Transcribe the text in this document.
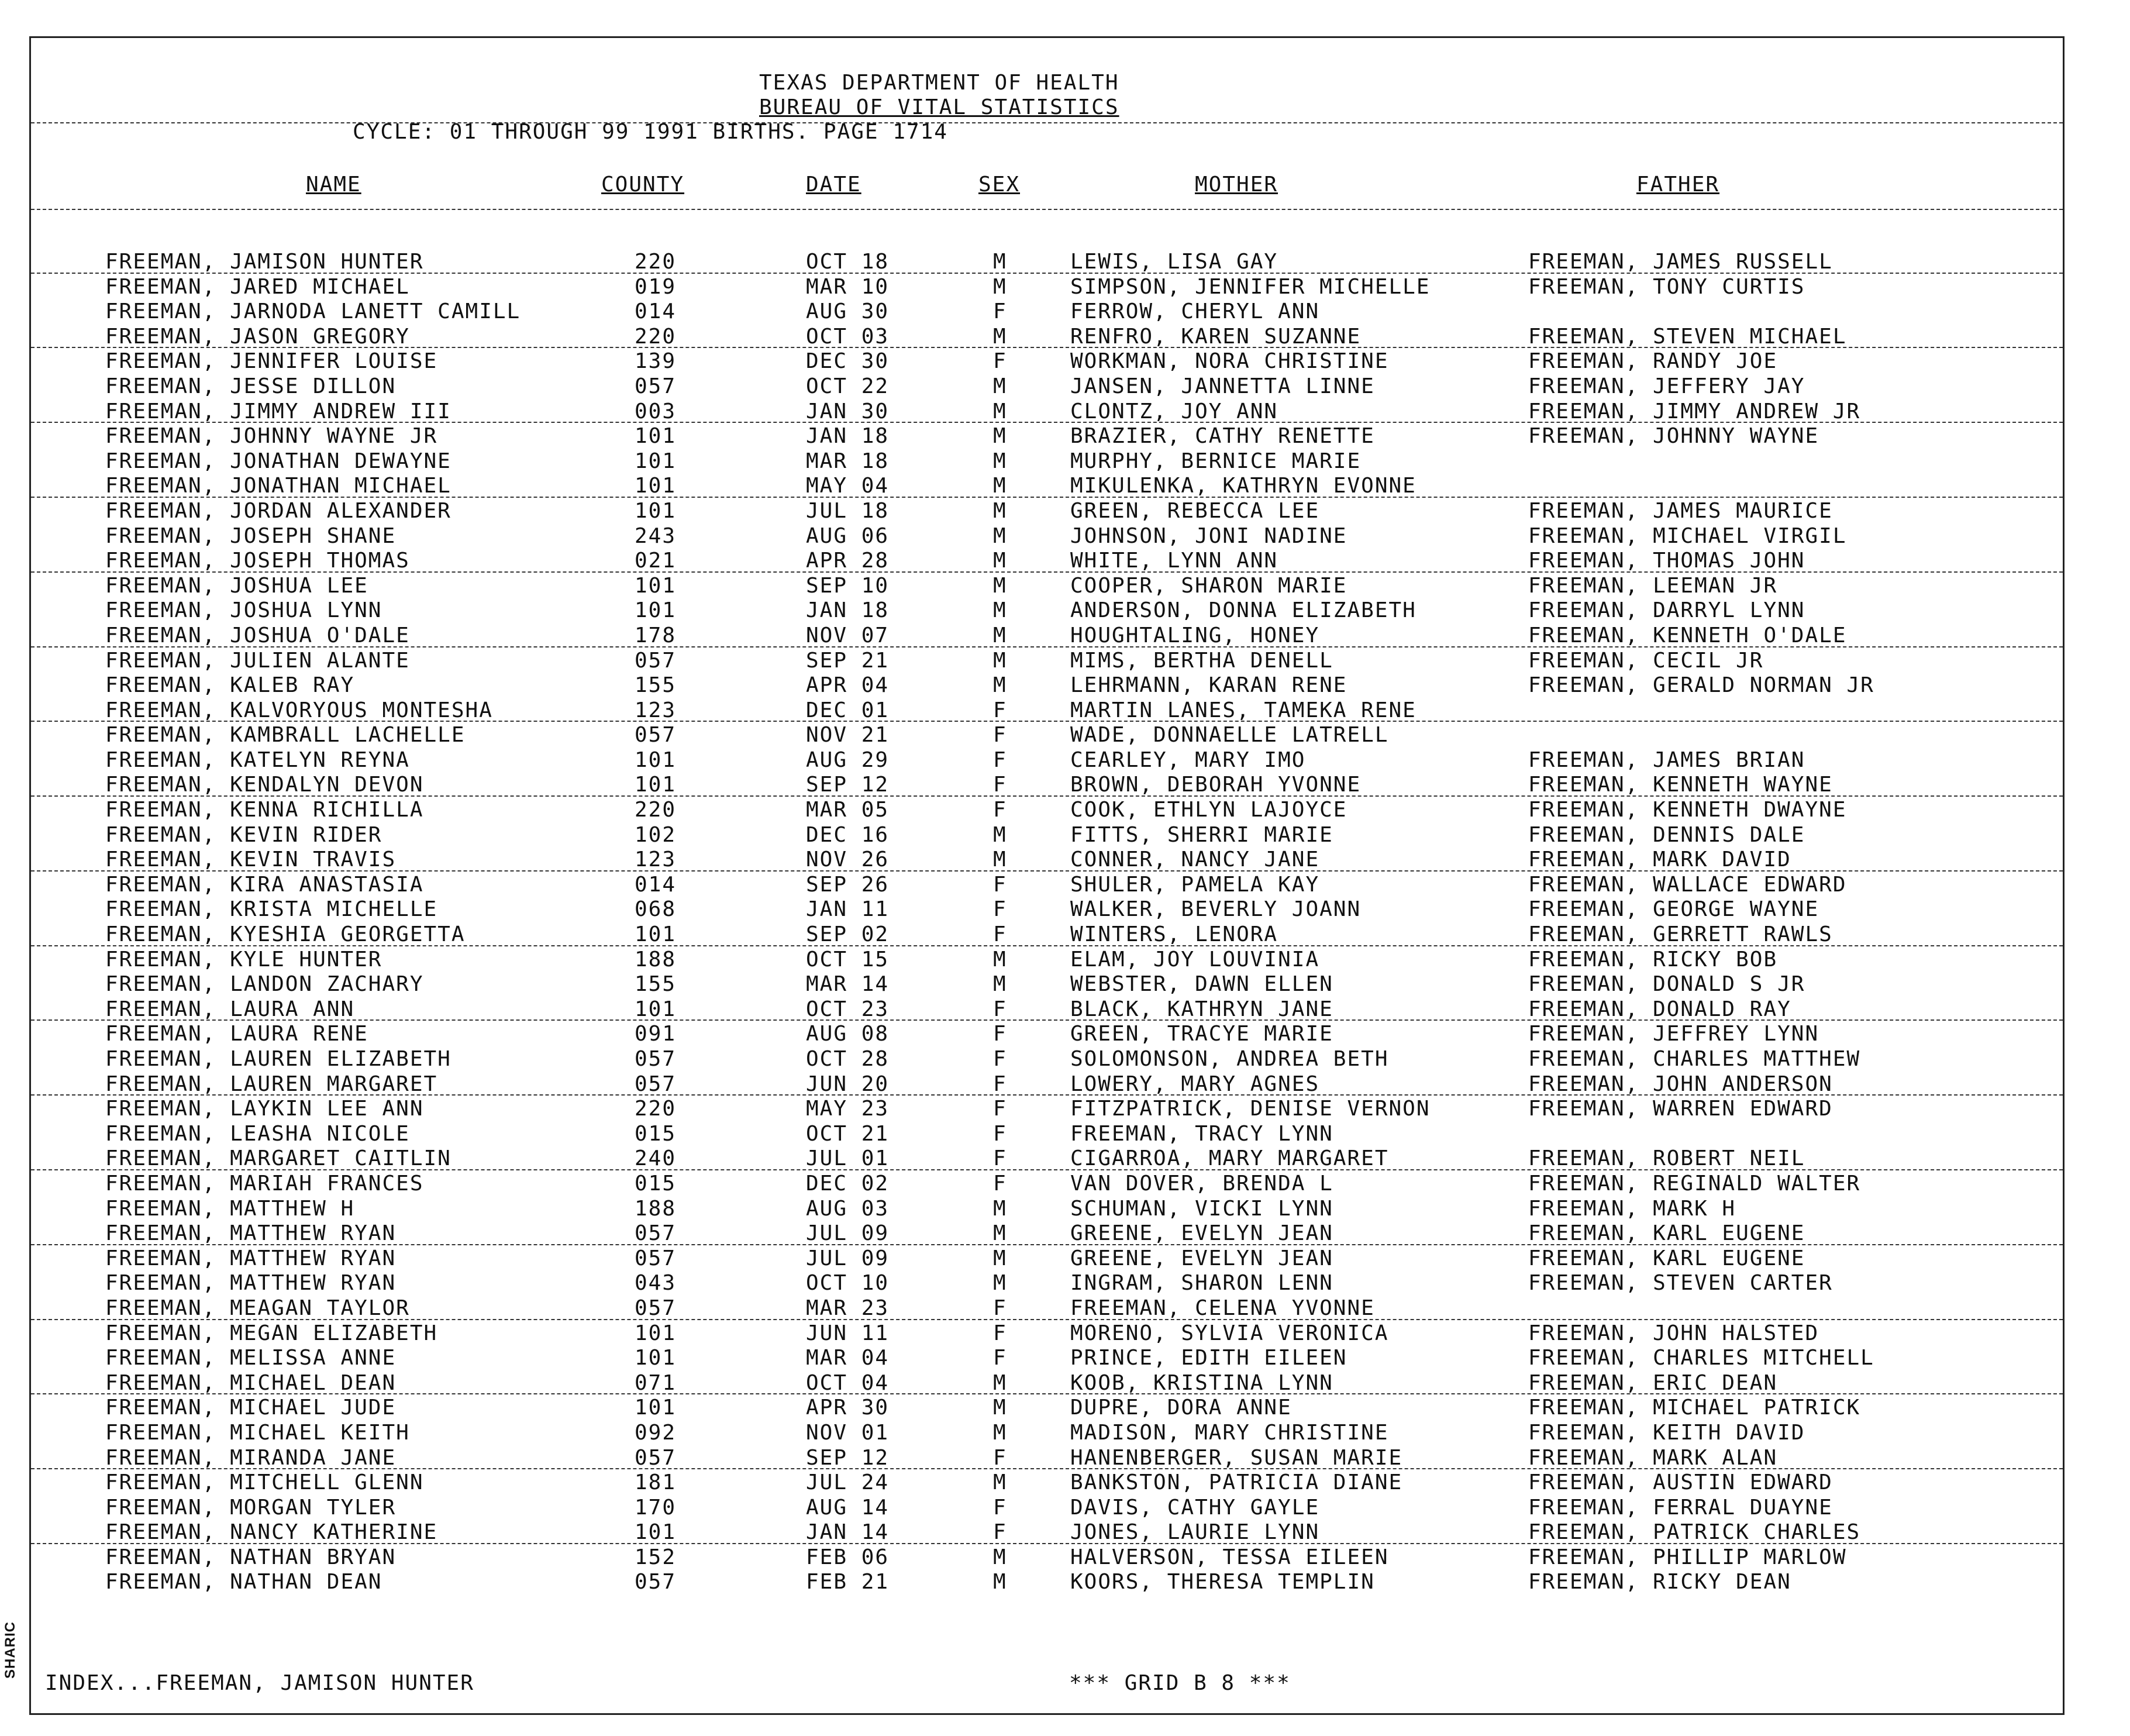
SHARIC
TEXAS DEPARTMENT OF HEALTH
BUREAU OF VITAL STATISTICS
CYCLE: 01 THROUGH 99 1991 BIRTHS. PAGE 1714
NAME	COUNTY	DATE	SEX	MOTHER	FATHER
FREEMAN, JAMISON HUNTER	220	OCT 18	M	LEWIS, LISA GAY	FREEMAN, JAMES RUSSELL
FREEMAN, JARED MICHAEL	019	MAR 10	M	SIMPSON, JENNIFER MICHELLE	FREEMAN, TONY CURTIS
FREEMAN, JARNODA LANETT CAMILL	014	AUG 30	F	FERROW, CHERYL ANN
FREEMAN, JASON GREGORY	220	OCT 03	M	RENFRO, KAREN SUZANNE	FREEMAN, STEVEN MICHAEL
FREEMAN, JENNIFER LOUISE	139	DEC 30	F	WORKMAN, NORA CHRISTINE	FREEMAN, RANDY JOE
FREEMAN, JESSE DILLON	057	OCT 22	M	JANSEN, JANNETTA LINNE	FREEMAN, JEFFERY JAY
FREEMAN, JIMMY ANDREW III	003	JAN 30	M	CLONTZ, JOY ANN	FREEMAN, JIMMY ANDREW JR
FREEMAN, JOHNNY WAYNE JR	101	JAN 18	M	BRAZIER, CATHY RENETTE	FREEMAN, JOHNNY WAYNE
FREEMAN, JONATHAN DEWAYNE	101	MAR 18	M	MURPHY, BERNICE MARIE
FREEMAN, JONATHAN MICHAEL	101	MAY 04	M	MIKULENKA, KATHRYN EVONNE
FREEMAN, JORDAN ALEXANDER	101	JUL 18	M	GREEN, REBECCA LEE	FREEMAN, JAMES MAURICE
FREEMAN, JOSEPH SHANE	243	AUG 06	M	JOHNSON, JONI NADINE	FREEMAN, MICHAEL VIRGIL
FREEMAN, JOSEPH THOMAS	021	APR 28	M	WHITE, LYNN ANN	FREEMAN, THOMAS JOHN
FREEMAN, JOSHUA LEE	101	SEP 10	M	COOPER, SHARON MARIE	FREEMAN, LEEMAN JR
FREEMAN, JOSHUA LYNN	101	JAN 18	M	ANDERSON, DONNA ELIZABETH	FREEMAN, DARRYL LYNN
FREEMAN, JOSHUA O'DALE	178	NOV 07	M	HOUGHTALING, HONEY	FREEMAN, KENNETH O'DALE
FREEMAN, JULIEN ALANTE	057	SEP 21	M	MIMS, BERTHA DENELL	FREEMAN, CECIL JR
FREEMAN, KALEB RAY	155	APR 04	M	LEHRMANN, KARAN RENE	FREEMAN, GERALD NORMAN JR
FREEMAN, KALVORYOUS MONTESHA	123	DEC 01	F	MARTIN LANES, TAMEKA RENE
FREEMAN, KAMBRALL LACHELLE	057	NOV 21	F	WADE, DONNAELLE LATRELL
FREEMAN, KATELYN REYNA	101	AUG 29	F	CEARLEY, MARY IMO	FREEMAN, JAMES BRIAN
FREEMAN, KENDALYN DEVON	101	SEP 12	F	BROWN, DEBORAH YVONNE	FREEMAN, KENNETH WAYNE
FREEMAN, KENNA RICHILLA	220	MAR 05	F	COOK, ETHLYN LAJOYCE	FREEMAN, KENNETH DWAYNE
FREEMAN, KEVIN RIDER	102	DEC 16	M	FITTS, SHERRI MARIE	FREEMAN, DENNIS DALE
FREEMAN, KEVIN TRAVIS	123	NOV 26	M	CONNER, NANCY JANE	FREEMAN, MARK DAVID
FREEMAN, KIRA ANASTASIA	014	SEP 26	F	SHULER, PAMELA KAY	FREEMAN, WALLACE EDWARD
FREEMAN, KRISTA MICHELLE	068	JAN 11	F	WALKER, BEVERLY JOANN	FREEMAN, GEORGE WAYNE
FREEMAN, KYESHIA GEORGETTA	101	SEP 02	F	WINTERS, LENORA	FREEMAN, GERRETT RAWLS
FREEMAN, KYLE HUNTER	188	OCT 15	M	ELAM, JOY LOUVINIA	FREEMAN, RICKY BOB
FREEMAN, LANDON ZACHARY	155	MAR 14	M	WEBSTER, DAWN ELLEN	FREEMAN, DONALD S JR
FREEMAN, LAURA ANN	101	OCT 23	F	BLACK, KATHRYN JANE	FREEMAN, DONALD RAY
FREEMAN, LAURA RENE	091	AUG 08	F	GREEN, TRACYE MARIE	FREEMAN, JEFFREY LYNN
FREEMAN, LAUREN ELIZABETH	057	OCT 28	F	SOLOMONSON, ANDREA BETH	FREEMAN, CHARLES MATTHEW
FREEMAN, LAUREN MARGARET	057	JUN 20	F	LOWERY, MARY AGNES	FREEMAN, JOHN ANDERSON
FREEMAN, LAYKIN LEE ANN	220	MAY 23	F	FITZPATRICK, DENISE VERNON	FREEMAN, WARREN EDWARD
FREEMAN, LEASHA NICOLE	015	OCT 21	F	FREEMAN, TRACY LYNN
FREEMAN, MARGARET CAITLIN	240	JUL 01	F	CIGARROA, MARY MARGARET	FREEMAN, ROBERT NEIL
FREEMAN, MARIAH FRANCES	015	DEC 02	F	VAN DOVER, BRENDA L	FREEMAN, REGINALD WALTER
FREEMAN, MATTHEW H	188	AUG 03	M	SCHUMAN, VICKI LYNN	FREEMAN, MARK H
FREEMAN, MATTHEW RYAN	057	JUL 09	M	GREENE, EVELYN JEAN	FREEMAN, KARL EUGENE
FREEMAN, MATTHEW RYAN	057	JUL 09	M	GREENE, EVELYN JEAN	FREEMAN, KARL EUGENE
FREEMAN, MATTHEW RYAN	043	OCT 10	M	INGRAM, SHARON LENN	FREEMAN, STEVEN CARTER
FREEMAN, MEAGAN TAYLOR	057	MAR 23	F	FREEMAN, CELENA YVONNE
FREEMAN, MEGAN ELIZABETH	101	JUN 11	F	MORENO, SYLVIA VERONICA	FREEMAN, JOHN HALSTED
FREEMAN, MELISSA ANNE	101	MAR 04	F	PRINCE, EDITH EILEEN	FREEMAN, CHARLES MITCHELL
FREEMAN, MICHAEL DEAN	071	OCT 04	M	KOOB, KRISTINA LYNN	FREEMAN, ERIC DEAN
FREEMAN, MICHAEL JUDE	101	APR 30	M	DUPRE, DORA ANNE	FREEMAN, MICHAEL PATRICK
FREEMAN, MICHAEL KEITH	092	NOV 01	M	MADISON, MARY CHRISTINE	FREEMAN, KEITH DAVID
FREEMAN, MIRANDA JANE	057	SEP 12	F	HANENBERGER, SUSAN MARIE	FREEMAN, MARK ALAN
FREEMAN, MITCHELL GLENN	181	JUL 24	M	BANKSTON, PATRICIA DIANE	FREEMAN, AUSTIN EDWARD
FREEMAN, MORGAN TYLER	170	AUG 14	F	DAVIS, CATHY GAYLE	FREEMAN, FERRAL DUAYNE
FREEMAN, NANCY KATHERINE	101	JAN 14	F	JONES, LAURIE LYNN	FREEMAN, PATRICK CHARLES
FREEMAN, NATHAN BRYAN	152	FEB 06	M	HALVERSON, TESSA EILEEN	FREEMAN, PHILLIP MARLOW
FREEMAN, NATHAN DEAN	057	FEB 21	M	KOORS, THERESA TEMPLIN	FREEMAN, RICKY DEAN
INDEX...FREEMAN, JAMISON HUNTER	*** GRID B 8 ***
